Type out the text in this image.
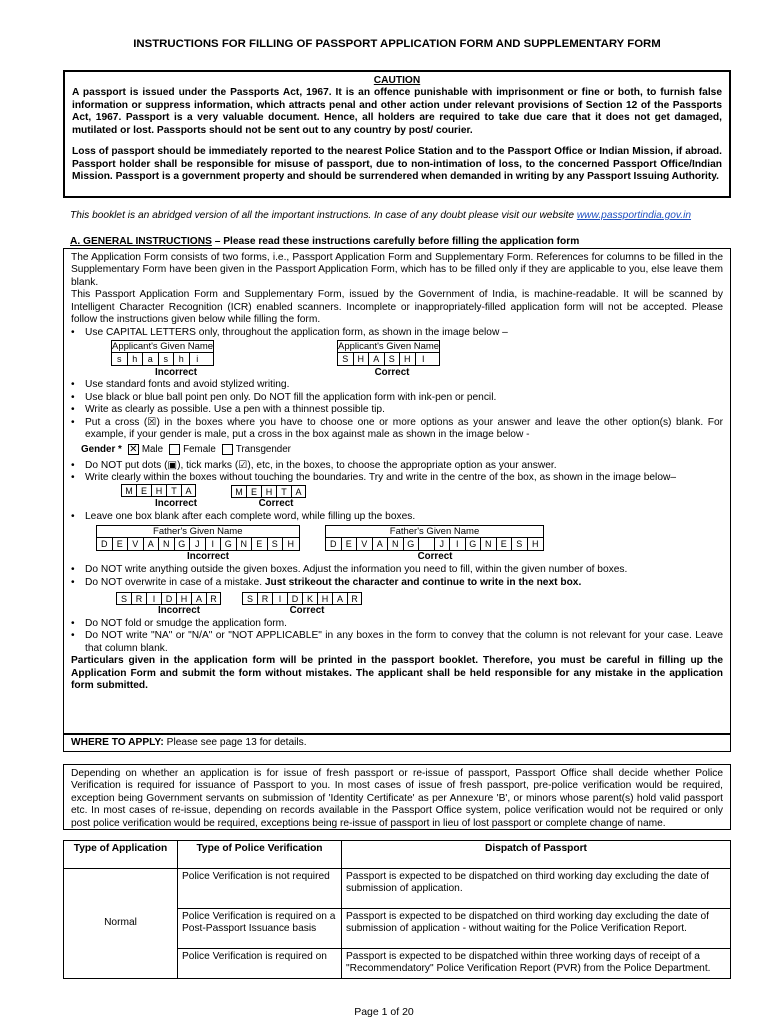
INSTRUCTIONS FOR FILLING OF PASSPORT APPLICATION FORM AND SUPPLEMENTARY FORM
CAUTION

A passport is issued under the Passports Act, 1967. It is an offence punishable with imprisonment or fine or both, to furnish false information or suppress information, which attracts penal and other action under relevant provisions of Section 12 of the Passports Act, 1967. Passport is a very valuable document. Hence, all holders are required to take due care that it does not get damaged, mutilated or lost. Passports should not be sent out to any country by post/ courier.

Loss of passport should be immediately reported to the nearest Police Station and to the Passport Office or Indian Mission, if abroad. Passport holder shall be responsible for misuse of passport, due to non-intimation of loss, to the concerned Passport Office/Indian Mission. Passport is a government property and should be surrendered when demanded in writing by any Passport Issuing Authority.

This booklet is an abridged version of all the important instructions. In case of any doubt please visit our website www.passportindia.gov.in
A. GENERAL INSTRUCTIONS – Please read these instructions carefully before filling the application form
The Application Form consists of two forms, i.e., Passport Application Form and Supplementary Form. References for columns to be filled in the Supplementary Form have been given in the Passport Application Form, which has to be filled only if they are applicable to you, else leave them blank.
This Passport Application Form and Supplementary Form, issued by the Government of India, is machine-readable. It will be scanned by Intelligent Character Recognition (ICR) enabled scanners. Incomplete or inappropriately-filled application form will not be accepted. Please follow the instructions given below while filling the form.
• Use CAPITAL LETTERS only, throughout the application form, as shown in the image below –
Applicant's Given Name
s	h	a	s	h	i
Incorrect
Applicant's Given Name
S	H	A	S	H	I
Correct
• Use standard fonts and avoid stylized writing.
• Use black or blue ball point pen only. Do NOT fill the application form with ink-pen or pencil.
• Write as clearly as possible. Use a pen with a thinnest possible tip.
• Put a cross (☒) in the boxes where you have to choose one or more options as your answer and leave the other option(s) blank. For example, if your gender is male, put a cross in the box against male as shown in the image below -
Gender * ✕ Male Female Transgender
• Do NOT put dots (▣), tick marks (☑), etc, in the boxes, to choose the appropriate option as your answer.
• Write clearly within the boxes without touching the boundaries. Try and write in the centre of the box, as shown in the image below–
M E H	T A
Incorrect
M E H	T A
Correct
• Leave one box blank after each complete word, while filling up the boxes.
Father's Given Name
D	E	V	A	N G	J	I	G N	E	S	H
Incorrect
Father's Given Name
D	E	V	A	N G	J	I	G N	E	S	H
Correct
• Do NOT write anything outside the given boxes. Adjust the information you need to fill, within the given number of boxes.
• Do NOT overwrite in case of a mistake. Just strikeout the character and continue to write in the next box.
S R	I	D H A R
Incorrect
S R	I	D K H A R
Correct
• Do NOT fold or smudge the application form.
• Do NOT write "NA" or "N/A" or "NOT APPLICABLE" in any boxes in the form to convey that the column is not relevant for your case. Leave that column blank.
Particulars given in the application form will be printed in the passport booklet. Therefore, you must be careful in filling up the Application Form and submit the form without mistakes. The applicant shall be held responsible for any mistake in the application form submitted.
WHERE TO APPLY: Please see page 13 for details.
Depending on whether an application is for issue of fresh passport or re-issue of passport, Passport Office shall decide whether Police Verification is required for issuance of Passport to you. In most cases of issue of fresh passport, pre-police verification would be required, exception being Government servants on submission of 'Identity Certificate' as per Annexure 'B', or minors whose parent(s) hold valid passport etc. In most cases of re-issue, depending on records available in the Passport Office system, police verification would not be required or only post police verification would be required, exceptions being re-issue of passport in lieu of lost passport or complete change of name.
Type of Application	Type of Police Verification	Dispatch of Passport
Normal	Police Verification is not required	Passport is expected to be dispatched on third working day excluding the date of submission of application.
	Police Verification is required on a Post-Passport Issuance basis	Passport is expected to be dispatched on third working day excluding the date of submission of application - without waiting for the Police Verification Report.
	Police Verification is required on	Passport is expected to be dispatched within three working days of receipt of a "Recommendatory" Police Verification Report (PVR) from the Police Department.
Page 1 of 20
